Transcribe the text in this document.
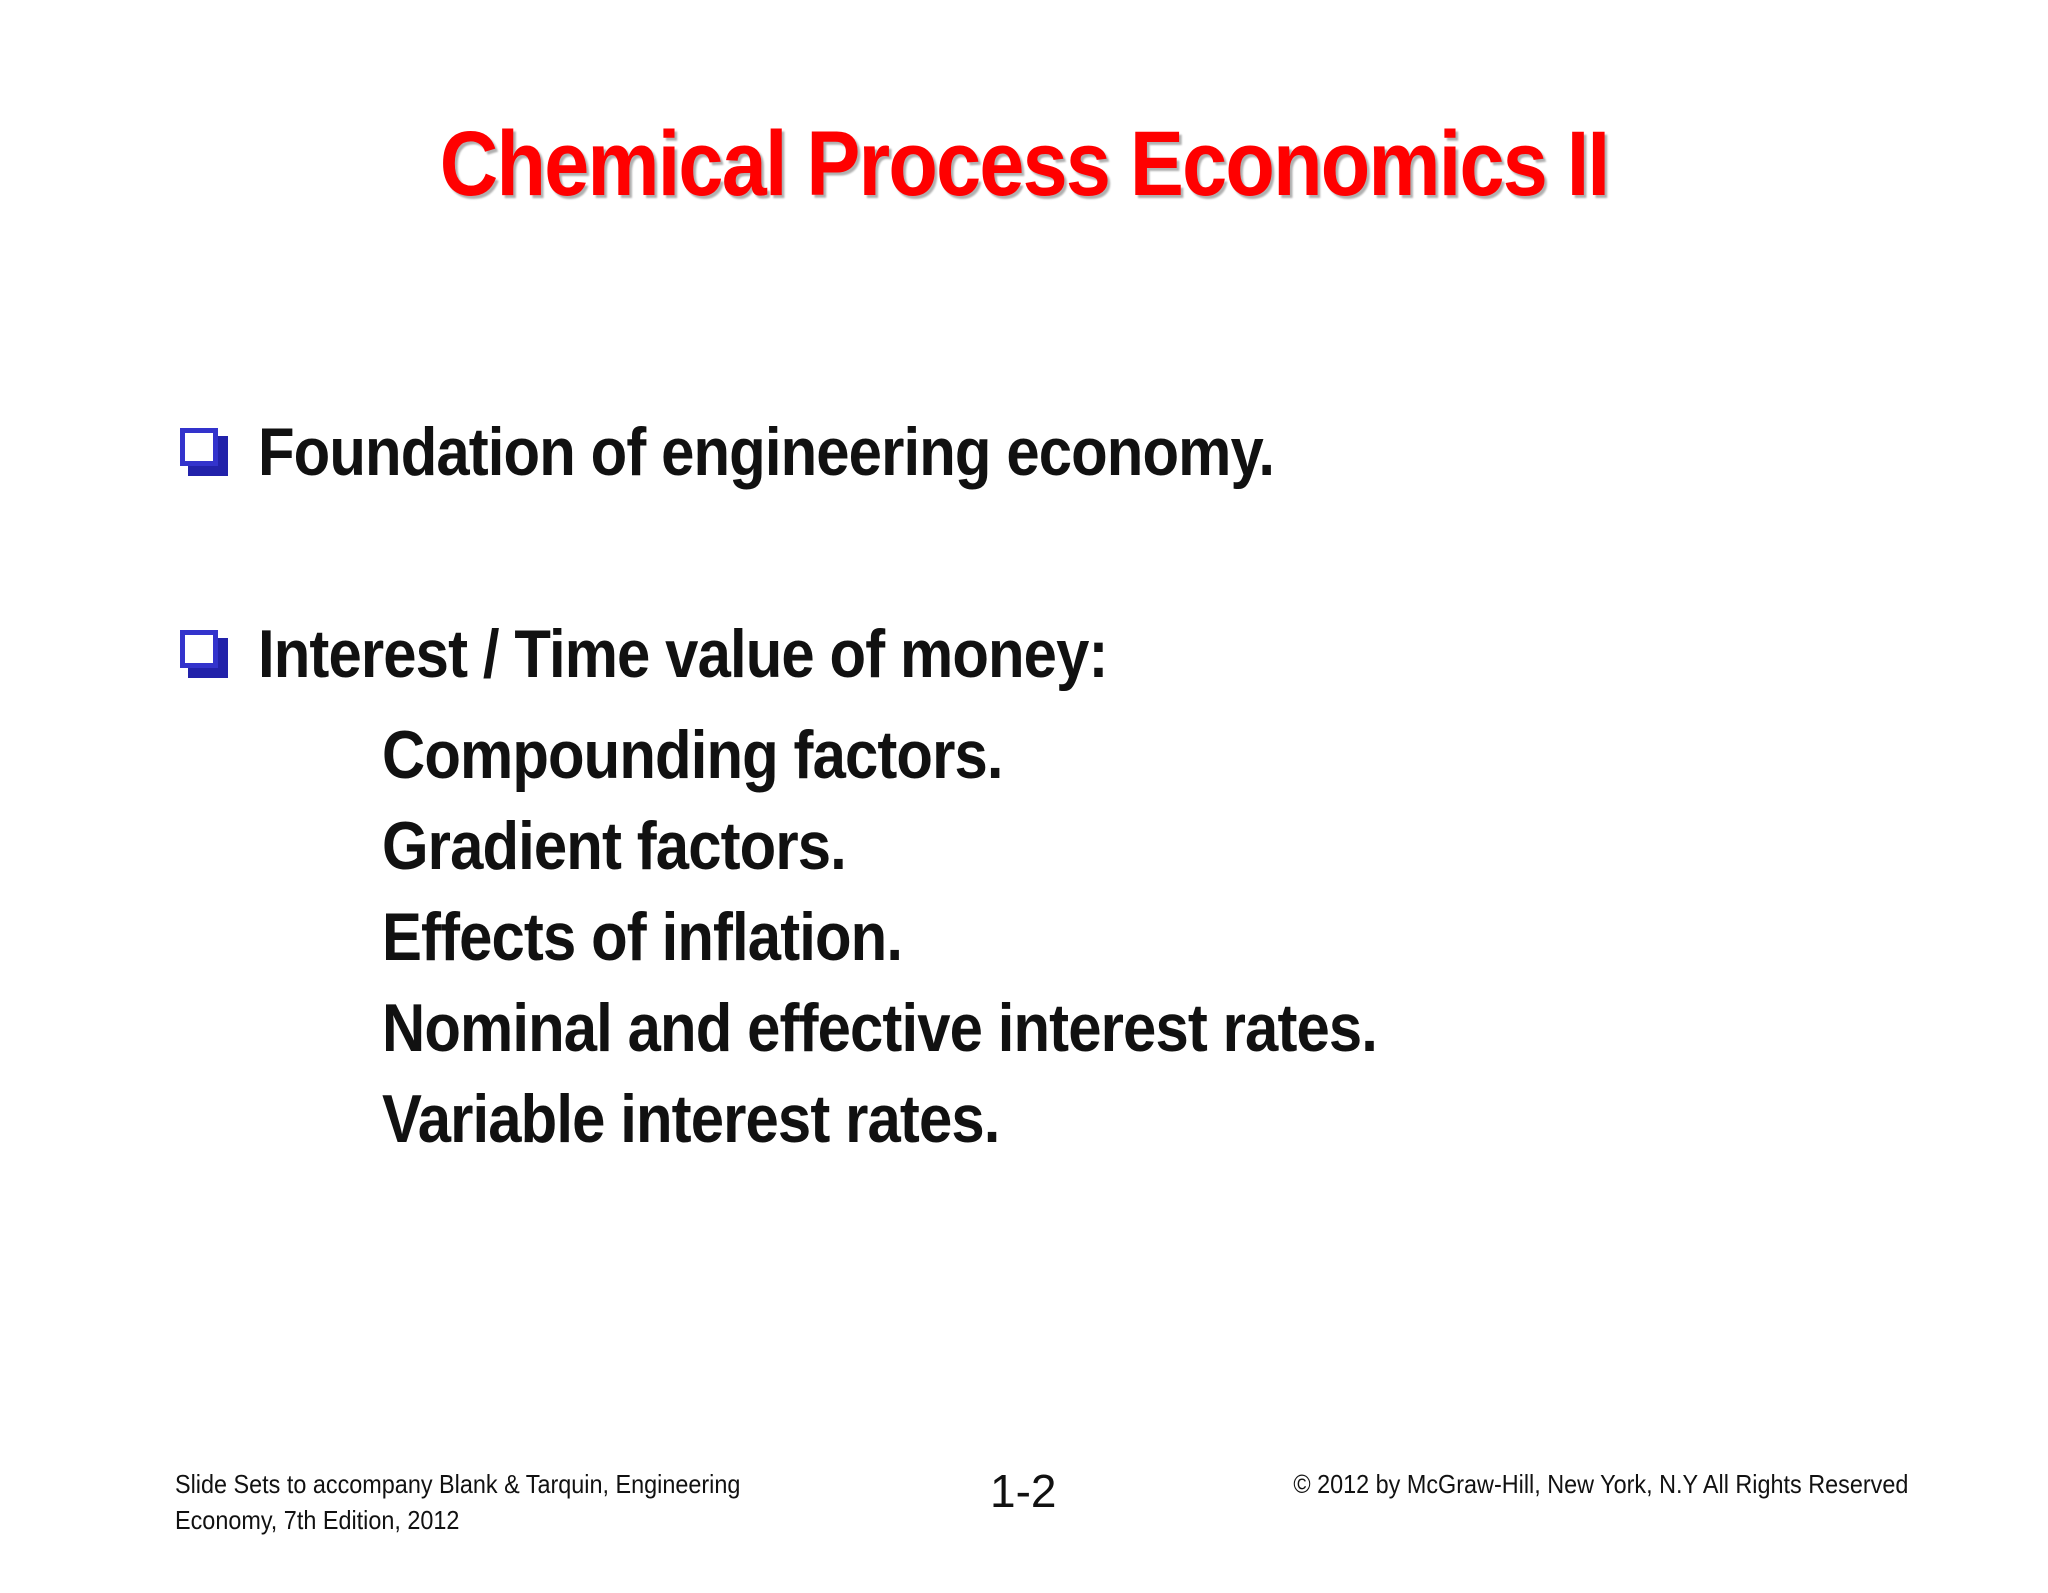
Chemical Process Economics II
Foundation of engineering economy.
Interest / Time value of money:
Compounding factors.
Gradient factors.
Effects of inflation.
Nominal and effective interest rates.
Variable interest rates.
Slide Sets to accompany Blank & Tarquin, Engineering
Economy, 7th Edition, 2012
1-2	© 2012 by McGraw-Hill, New York, N.Y All Rights Reserved
